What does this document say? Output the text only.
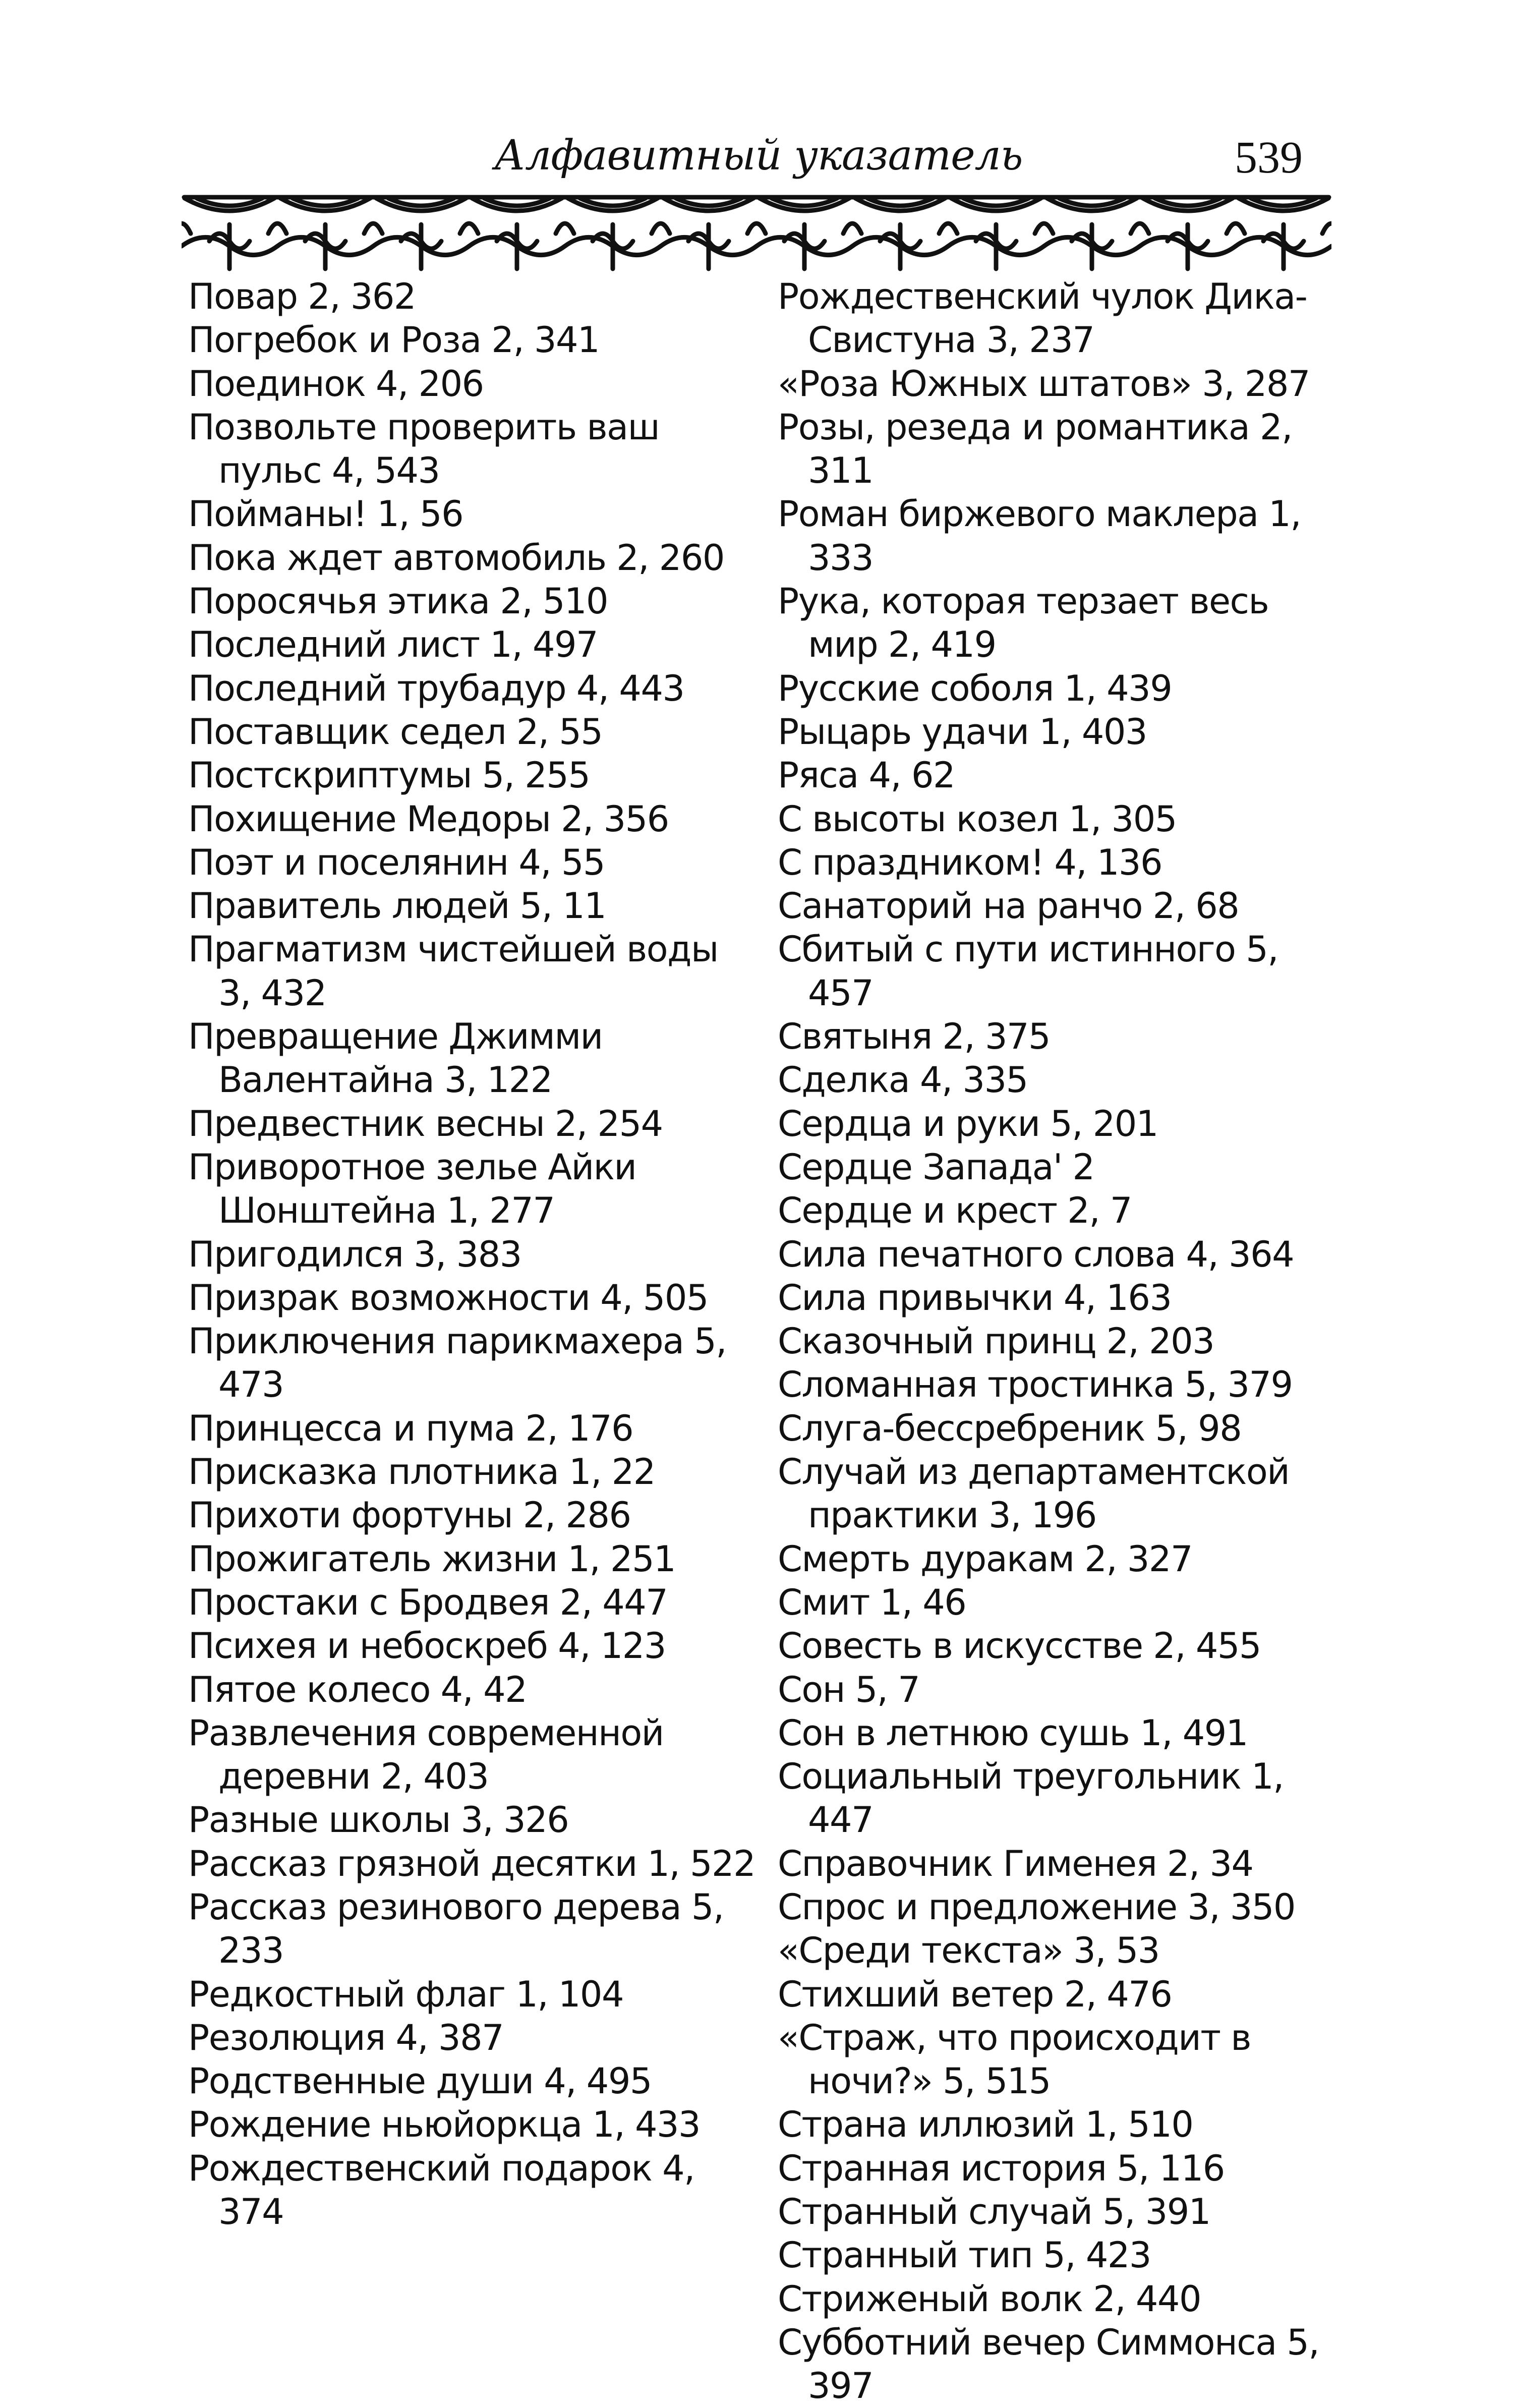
Алфавитный указатель	539
Повар 2, 362
Погребок и Роза 2, 341
Поединок 4, 206
Позвольте проверить ваш пульс 4, 543
Пойманы! 1, 56
Пока ждет автомобиль 2, 260
Поросячья этика 2, 510
Последний лист 1, 497
Последний трубадур 4, 443
Поставщик седел 2, 55
Постскриптумы 5, 255
Похищение Медоры 2, 356
Поэт и поселянин 4, 55
Правитель людей 5, 11
Прагматизм чистейшей воды 3, 432
Превращение Джимми Валентайна 3, 122
Предвестник весны 2, 254
Приворотное зелье Айки Шонштейна 1, 277
Пригодился 3, 383
Призрак возможности 4, 505
Приключения парикмахера 5, 473
Принцесса и пума 2, 176
Присказка плотника 1, 22
Прихоти фортуны 2, 286
Прожигатель жизни 1, 251
Простаки с Бродвея 2, 447
Психея и небоскреб 4, 123
Пятое колесо 4, 42
Развлечения современной деревни 2, 403
Разные школы 3, 326
Рассказ грязной десятки 1, 522
Рассказ резинового дерева 5, 233
Редкостный флаг 1, 104
Резолюция 4, 387
Родственные души 4, 495
Рождение ньюйоркца 1, 433
Рождественский подарок 4, 374
Рождественский чулок Дика-Свистуна 3, 237
«Роза Южных штатов» 3, 287
Розы, резеда и романтика 2, 311
Роман биржевого маклера 1, 333
Рука, которая терзает весь мир 2, 419
Русские соболя 1, 439
Рыцарь удачи 1, 403
Ряса 4, 62
С высоты козел 1, 305
С праздником! 4, 136
Санаторий на ранчо 2, 68
Сбитый с пути истинного 5, 457
Святыня 2, 375
Сделка 4, 335
Сердца и руки 5, 201
Сердце Запада' 2
Сердце и крест 2, 7
Сила печатного слова 4, 364
Сила привычки 4, 163
Сказочный принц 2, 203
Сломанная тростинка 5, 379
Слуга-бессребреник 5, 98
Случай из департаментской практики 3, 196
Смерть дуракам 2, 327
Смит 1, 46
Совесть в искусстве 2, 455
Сон 5, 7
Сон в летнюю сушь 1, 491
Социальный треугольник 1, 447
Справочник Гименея 2, 34
Спрос и предложение 3, 350
«Среди текста» 3, 53
Стихший ветер 2, 476
«Страж, что происходит в ночи?» 5, 515
Страна иллюзий 1, 510
Странная история 5, 116
Странный случай 5, 391
Странный тип 5, 423
Стриженый волк 2, 440
Субботний вечер Симмонса 5, 397
